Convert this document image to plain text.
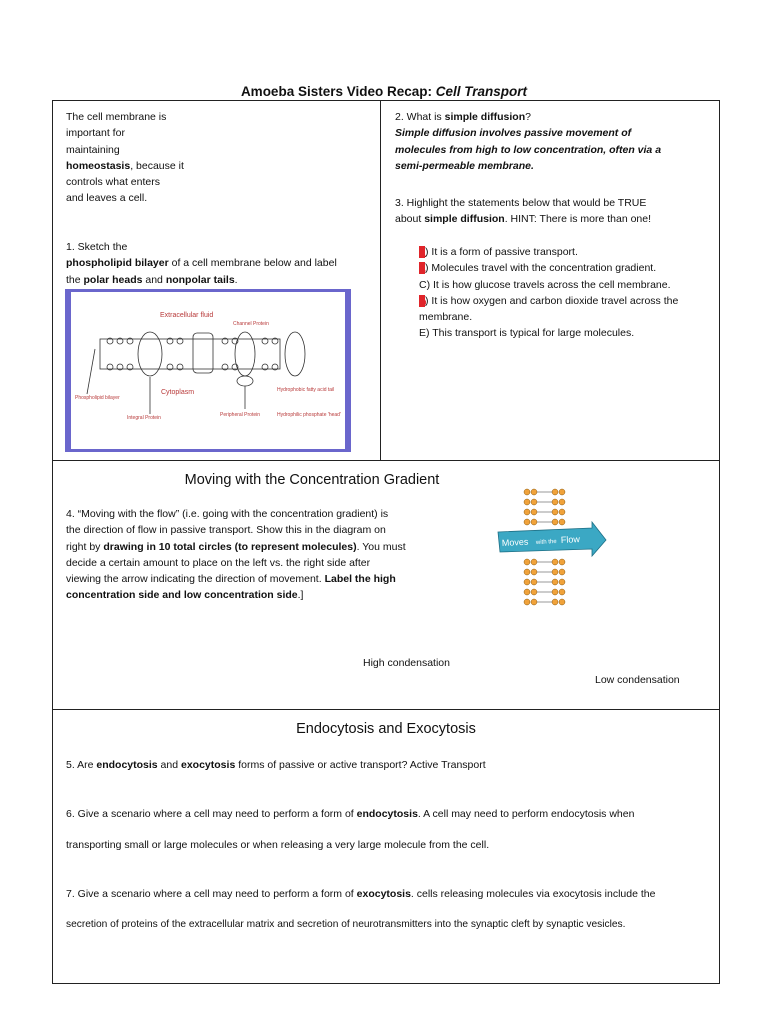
Amoeba Sisters Video Recap: Cell Transport
The cell membrane is
important for
maintaining
homeostasis, because it
controls what enters
and leaves a cell.
1. Sketch the
phospholipid bilayer of a cell membrane below and label
the polar heads and nonpolar tails.
Extracellular fluid
Channel Protein
Cytoplasm
Phospholipid bilayer
Integral Protein	Peripheral Protein
Hydrophobic fatty acid tail
Hydrophilic phosphate 'head'
2. What is simple diffusion?
Simple diffusion involves passive movement of
molecules from high to low concentration, often via a
semi-permeable membrane.
3. Highlight the statements below that would be TRUE
about simple diffusion. HINT: There is more than one!
A) It is a form of passive transport.
B) Molecules travel with the concentration gradient.
C) It is how glucose travels across the cell membrane.
D) It is how oxygen and carbon dioxide travel across the
membrane.
E) This transport is typical for large molecules.
Moving with the Concentration Gradient
4. “Moving with the flow” (i.e. going with the concentration gradient) is
the direction of flow in passive transport. Show this in the diagram on
right by drawing in 10 total circles (to represent molecules). You must
decide a certain amount to place on the left vs. the right side after
viewing the arrow indicating the direction of movement. Label the high
concentration side and low concentration side.]
Moves with the Flow
High condensation
Low condensation
Endocytosis and Exocytosis
5. Are endocytosis and exocytosis forms of passive or active transport? Active Transport
6. Give a scenario where a cell may need to perform a form of endocytosis. A cell may need to perform endocytosis when
transporting small or large molecules or when releasing a very large molecule from the cell.
7. Give a scenario where a cell may need to perform a form of exocytosis. cells releasing molecules via exocytosis include the
secretion of proteins of the extracellular matrix and secretion of neurotransmitters into the synaptic cleft by synaptic vesicles.
